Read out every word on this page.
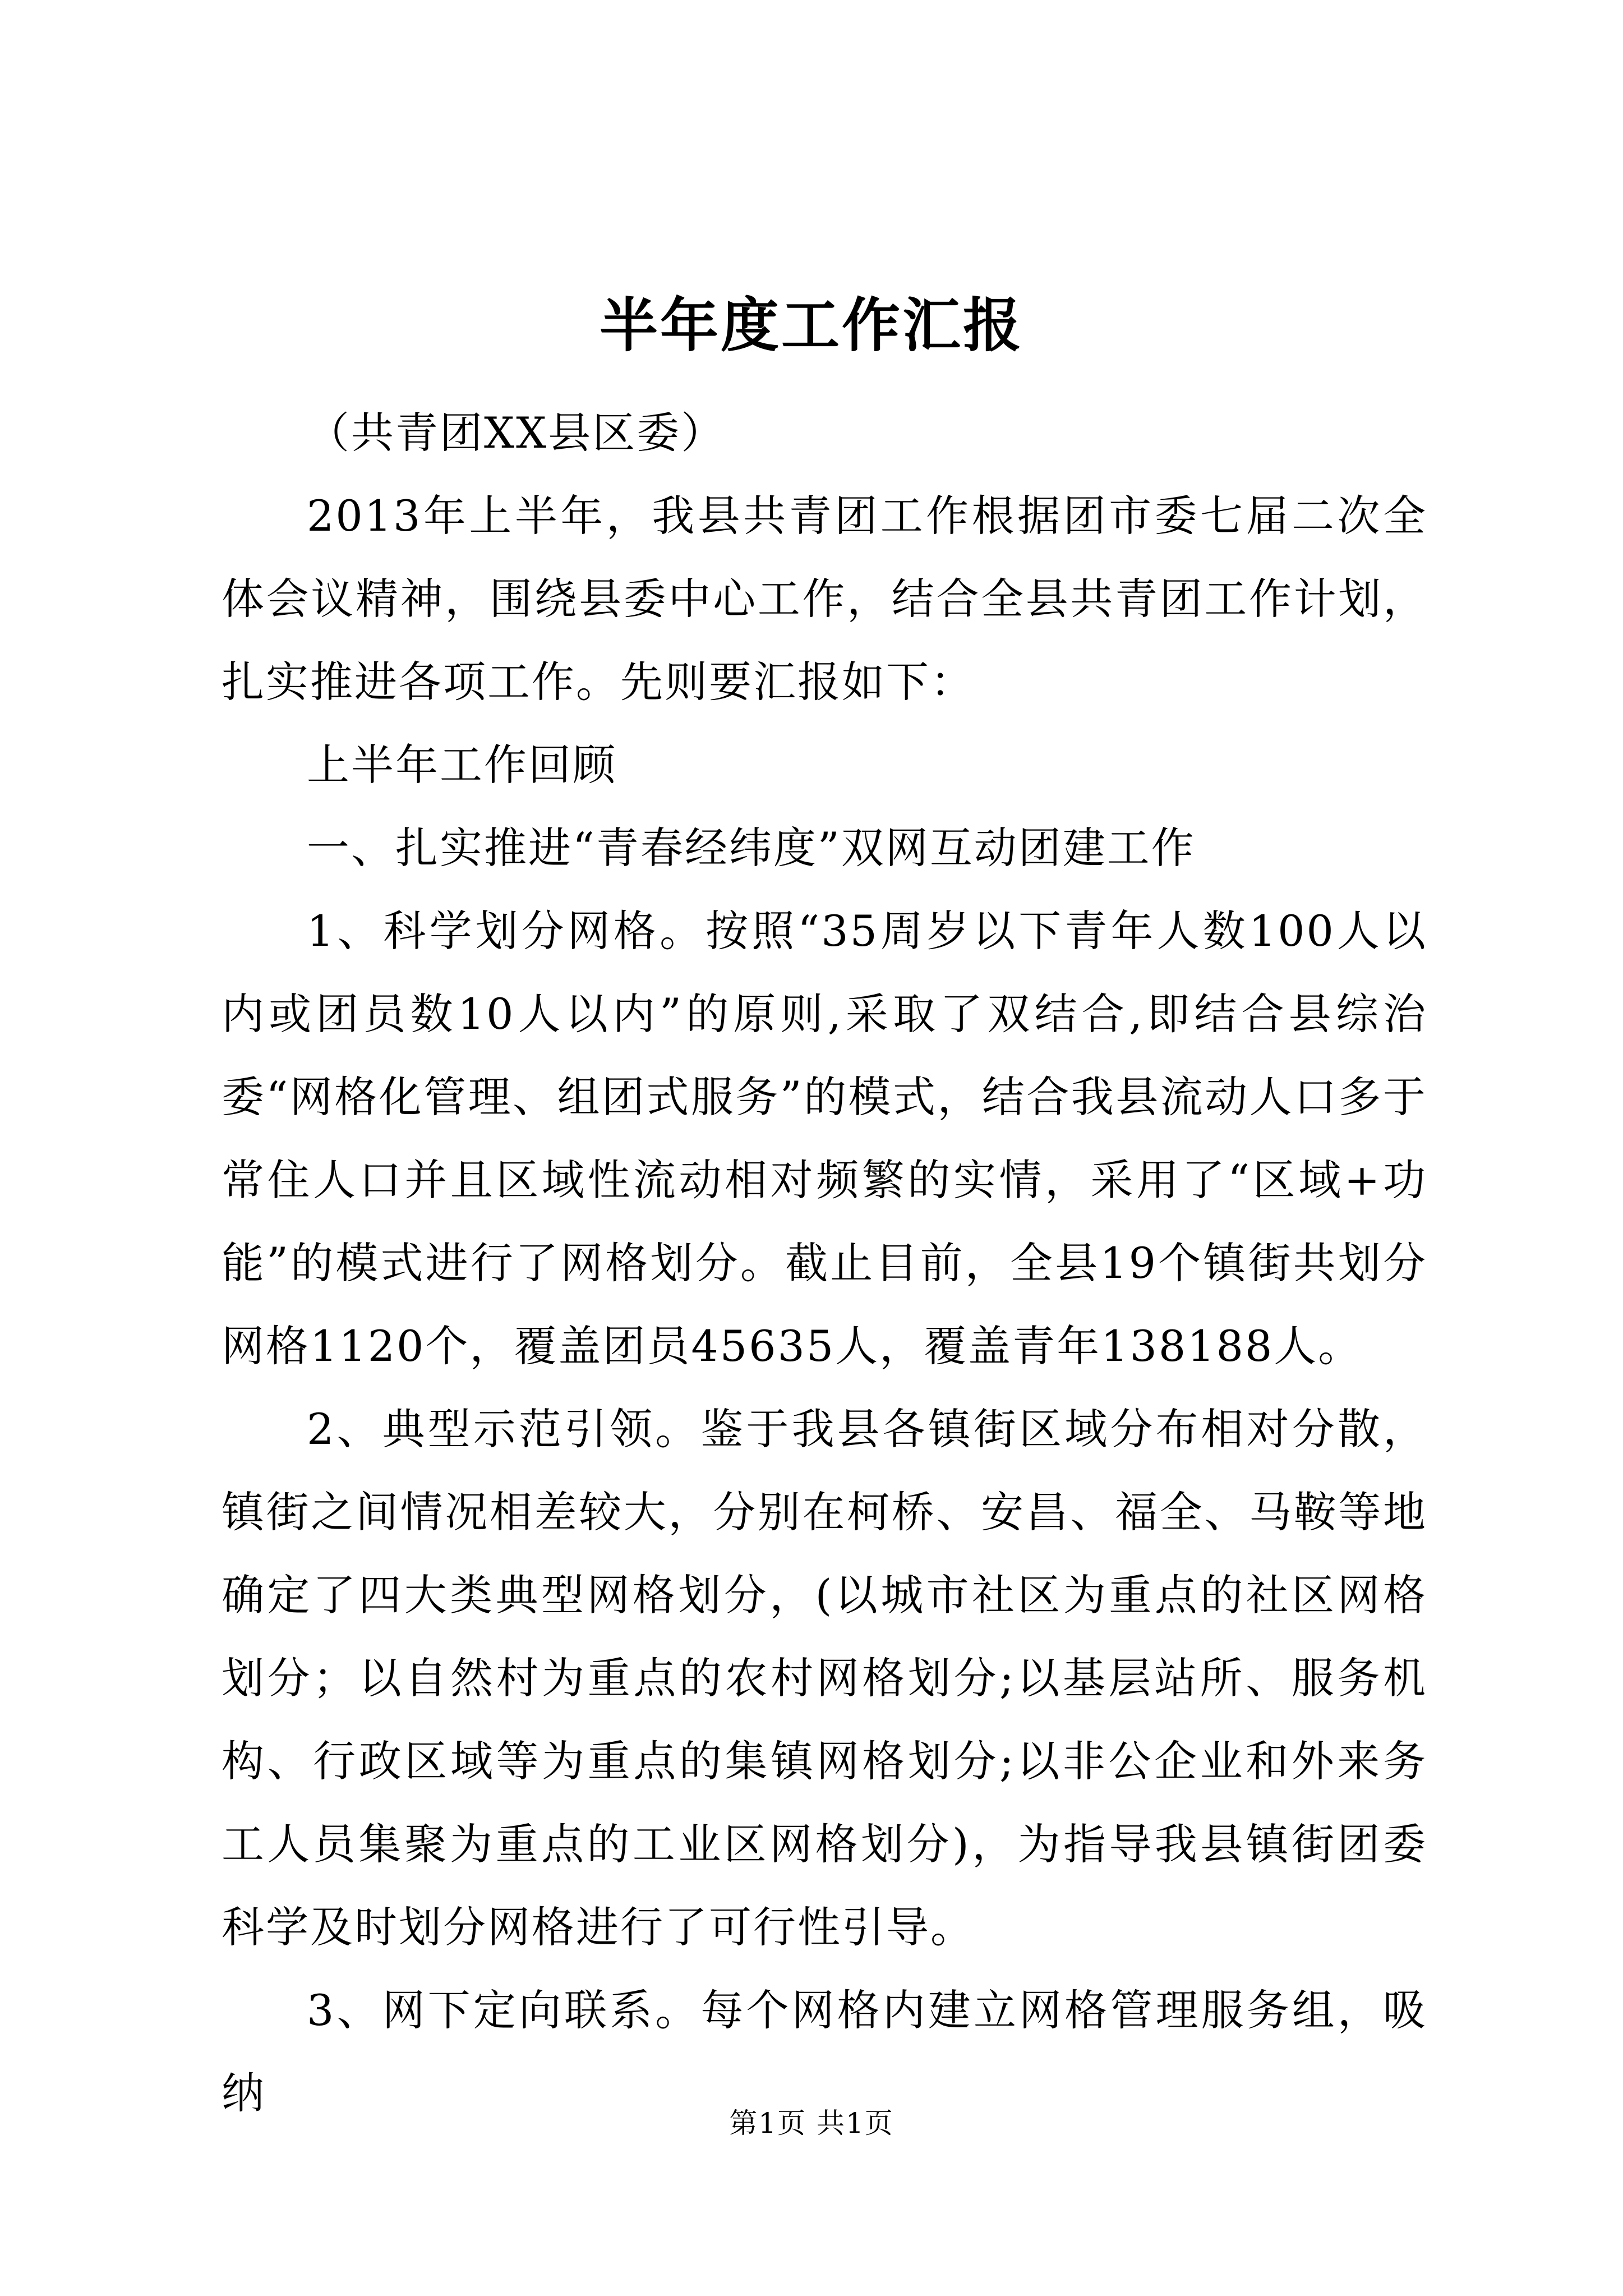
半年度工作汇报

（共青团XX县区委）

2013年上半年，我县共青团工作根据团市委七届二次全体会议精神，围绕县委中心工作，结合全县共青团工作计划，扎实推进各项工作。先则要汇报如下：

上半年工作回顾

一、扎实推进“青春经纬度”双网互动团建工作

1、科学划分网格。按照“35周岁以下青年人数100人以内或团员数10人以内”的原则,采取了双结合,即结合县综治委“网格化管理、组团式服务”的模式，结合我县流动人口多于常住人口并且区域性流动相对频繁的实情，采用了“区域+功能”的模式进行了网格划分。截止目前，全县19个镇街共划分网格1120个，覆盖团员45635人，覆盖青年138188人。

2、典型示范引领。鉴于我县各镇街区域分布相对分散，镇街之间情况相差较大，分别在柯桥、安昌、福全、马鞍等地确定了四大类典型网格划分，(以城市社区为重点的社区网格划分；以自然村为重点的农村网格划分;以基层站所、服务机构、行政区域等为重点的集镇网格划分;以非公企业和外来务工人员集聚为重点的工业区网格划分)，为指导我县镇街团委科学及时划分网格进行了可行性引导。

3、网下定向联系。每个网格内建立网格管理服务组，吸纳

第1页 共1页
